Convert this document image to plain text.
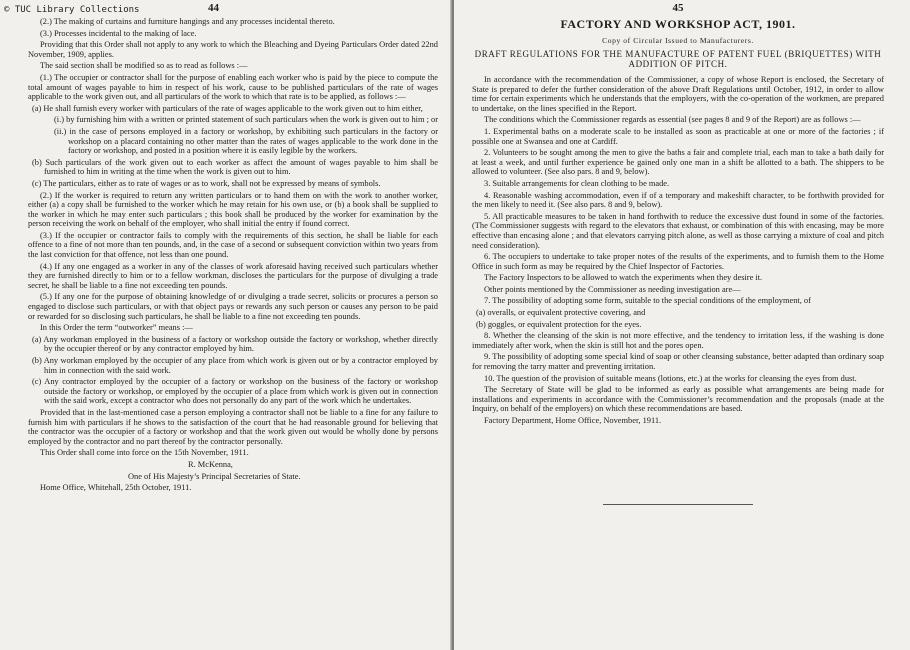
© TUC Library Collections	44

(2.) The making of curtains and furniture hangings and any processes incidental thereto.

(3.) Processes incidental to the making of lace.

Providing that this Order shall not apply to any work to which the Bleaching and Dyeing Particulars Order dated 22nd November, 1909, applies.

The said section shall be modified so as to read as follows :—

(1.) The occupier or contractor shall for the purpose of enabling each worker who is paid by the piece to compute the total amount of wages payable to him in respect of his work, cause to be published particulars of the rate of wages applicable to the work given out, and all particulars of the work to which that rate is to be applied, as follows :—

(a) He shall furnish every worker with particulars of the rate of wages applicable to the work given out to him either,

(i.) by furnishing him with a written or printed statement of such particulars when the work is given out to him ; or

(ii.) in the case of persons employed in a factory or workshop, by exhibiting such particulars in the factory or workshop on a placard containing no other matter than the rates of wages applicable to the work done in the factory or workshop, and posted in a position where it is easily legible by the workers.

(b) Such particulars of the work given out to each worker as affect the amount of wages payable to him shall be furnished to him in writing at the time when the work is given out to him.

(c) The particulars, either as to rate of wages or as to work, shall not be expressed by means of symbols.

(2.) If the worker is required to return any written particulars or to hand them on with the work to another worker, either (a) a copy shall be furnished to the worker which he may retain for his own use, or (b) a book shall be supplied to the worker in which he may enter such particulars ; this book shall be produced by the worker for examination by the person receiving the work on behalf of the employer, who shall initial the entry if found correct.

(3.) If the occupier or contractor fails to comply with the requirements of this section, he shall be liable for each offence to a fine of not more than ten pounds, and, in the case of a second or subsequent conviction within two years from the last conviction for that offence, not less than one pound.

(4.) If any one engaged as a worker in any of the classes of work aforesaid having received such particulars whether they are furnished directly to him or to a fellow workman, discloses the particulars for the purpose of divulging a trade secret, he shall be liable to a fine not exceeding ten pounds.

(5.) If any one for the purpose of obtaining knowledge of or divulging a trade secret, solicits or procures a person so engaged to disclose such particulars, or with that object pays or rewards any such person or causes any person to be paid or rewarded for so disclosing such particulars, he shall be liable to a fine not exceeding ten pounds.

In this Order the term “outworker” means :—

(a) Any workman employed in the business of a factory or workshop outside the factory or workshop, whether directly by the occupier thereof or by any contractor employed by him.

(b) Any workman employed by the occupier of any place from which work is given out or by a contractor employed by him in connection with the said work.

(c) Any contractor employed by the occupier of a factory or workshop on the business of the factory or workshop outside the factory or workshop, or employed by the occupier of a place from which work is given out in connection with the said work, except a contractor who does not personally do any part of the work which he undertakes.

Provided that in the last-mentioned case a person employing a contractor shall not be liable to a fine for any failure to furnish him with particulars if he shows to the satisfaction of the court that he had reasonable ground for believing that the contractor was the occupier of a factory or workshop and that the work given out would be wholly done by persons employed by the contractor and no part thereof by the contractor personally.

This Order shall come into force on the 15th November, 1911.

R. McKenna,

One of His Majesty’s Principal Secretaries of State.

Home Office, Whitehall, 25th October, 1911.

45
FACTORY AND WORKSHOP ACT, 1901.
Copy of Circular Issued to Manufacturers.
DRAFT REGULATIONS FOR THE MANUFACTURE OF PATENT FUEL (BRIQUETTES) WITH ADDITION OF PITCH.

In accordance with the recommendation of the Commissioner, a copy of whose Report is enclosed, the Secretary of State is prepared to defer the further consideration of the above Draft Regulations until October, 1912, in order to allow time for certain experiments which he understands that the employers, with the co-operation of the workmen, are prepared to undertake, on the lines specified in the Report.

The conditions which the Commissioner regards as essential (see pages 8 and 9 of the Report) are as follows :—

1. Experimental baths on a moderate scale to be installed as soon as practicable at one or more of the factories ; if possible one at Swansea and one at Cardiff.

2. Volunteers to be sought among the men to give the baths a fair and complete trial, each man to take a bath daily for at least a week, and until further experience be gained only one man in a shift be allotted to a bath. The shippers to be allowed to volunteer. (See also pars. 8 and 9, below).

3. Suitable arrangements for clean clothing to be made.

4. Reasonable washing accommodation, even if of a temporary and makeshift character, to be forthwith provided for the men likely to need it. (See also pars. 8 and 9, below).

5. All practicable measures to be taken in hand forthwith to reduce the excessive dust found in some of the factories. (The Commissioner suggests with regard to the elevators that exhaust, or combination of this with encasing, may be more effective than encasing alone ; and that elevators carrying pitch alone, as well as those carrying a mixture of coal and pitch need consideration).

6. The occupiers to undertake to take proper notes of the results of the experiments, and to furnish them to the Home Office in such form as may be required by the Chief Inspector of Factories.

The Factory Inspectors to be allowed to watch the experiments when they desire it.

Other points mentioned by the Commissioner as needing investigation are—

7. The possibility of adopting some form, suitable to the special conditions of the employment, of

(a) overalls, or equivalent protective covering, and

(b) goggles, or equivalent protection for the eyes.

8. Whether the cleansing of the skin is not more effective, and the tendency to irritation less, if the washing is done immediately after work, when the skin is still hot and the pores open.

9. The possibility of adopting some special kind of soap or other cleansing substance, better adapted than ordinary soap for removing the tarry matter and preventing irritation.

10. The question of the provision of suitable means (lotions, etc.) at the works for cleansing the eyes from dust.

The Secretary of State will be glad to be informed as early as possible what arrangements are being made for installations and experiments in accordance with the Commissioner’s recommendation and the proposals (made at the Inquiry, on behalf of the employers) on which these recommendations are based.

Factory Department, Home Office, November, 1911.
